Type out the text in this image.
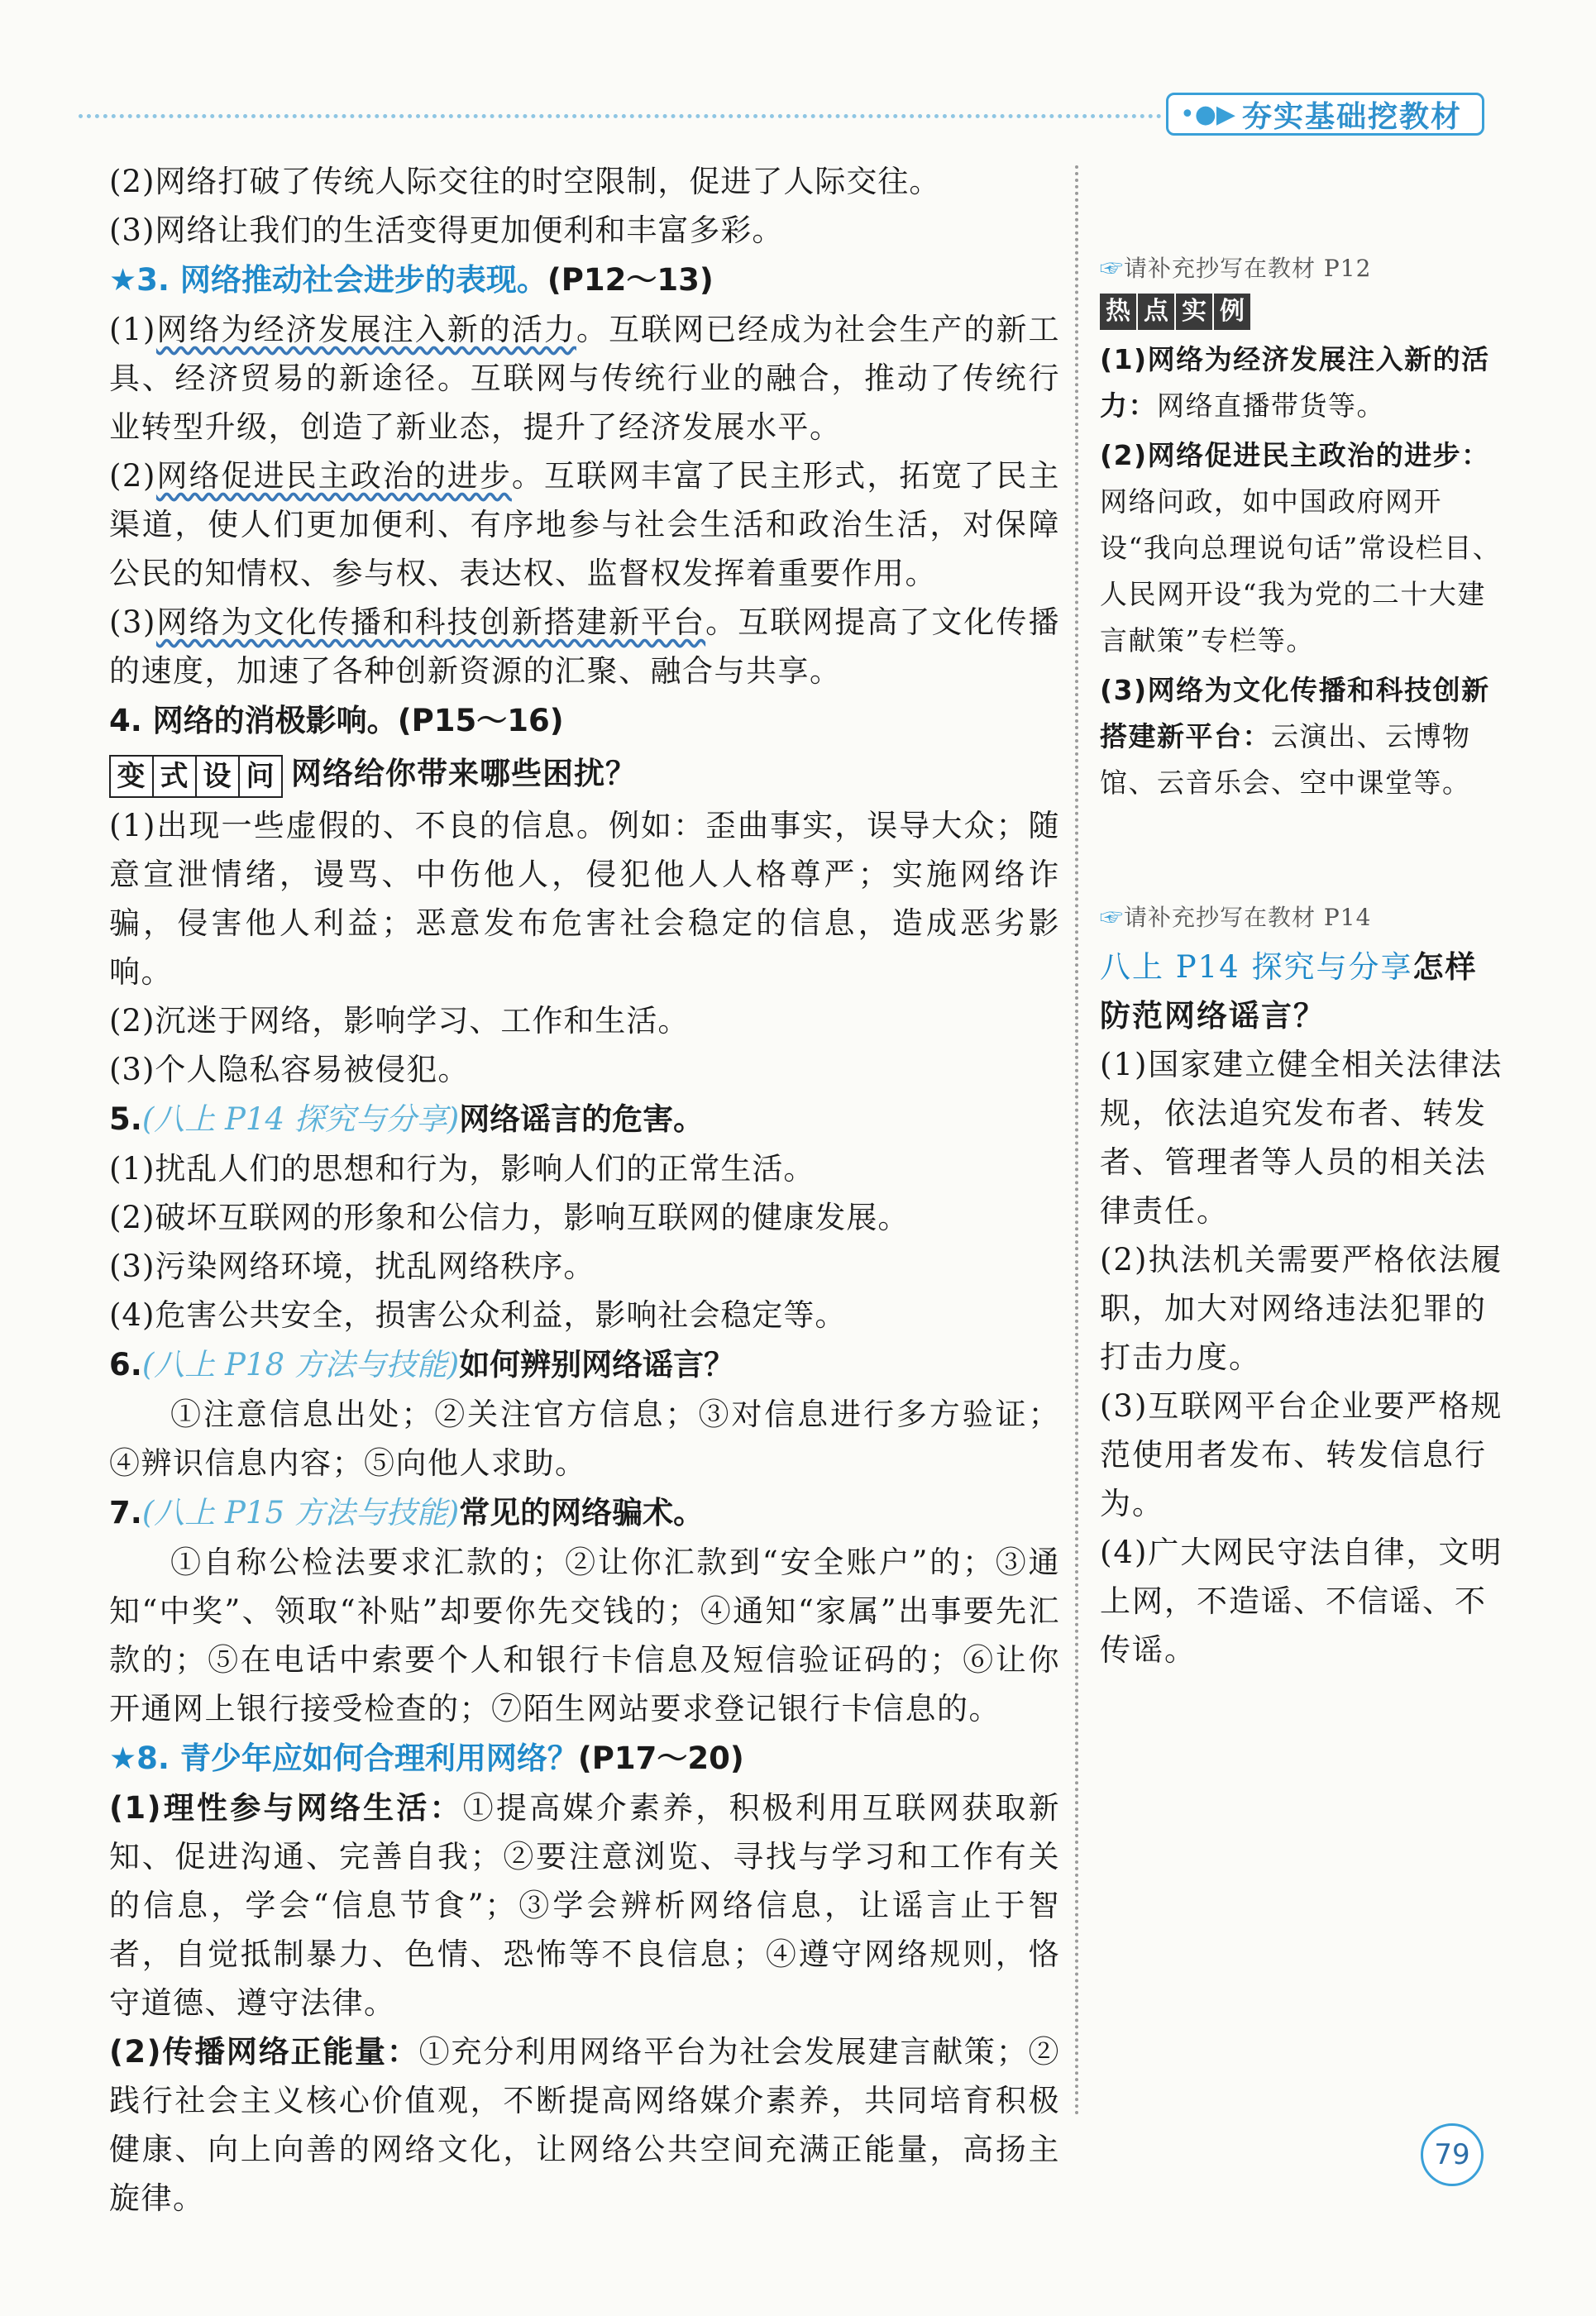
•●▶ 夯实基础挖教材
(2)网络打破了传统人际交往的时空限制，促进了人际交往。
(3)网络让我们的生活变得更加便利和丰富多彩。
★3. 网络推动社会进步的表现。(P12～13)
(1)网络为经济发展注入新的活力。互联网已经成为社会生产的新工具、经济贸易的新途径。互联网与传统行业的融合，推动了传统行业转型升级，创造了新业态，提升了经济发展水平。
(2)网络促进民主政治的进步。互联网丰富了民主形式，拓宽了民主渠道，使人们更加便利、有序地参与社会生活和政治生活，对保障公民的知情权、参与权、表达权、监督权发挥着重要作用。
(3)网络为文化传播和科技创新搭建新平台。互联网提高了文化传播的速度，加速了各种创新资源的汇聚、融合与共享。
4. 网络的消极影响。(P15～16)
变 式 设 问 网络给你带来哪些困扰？
(1)出现一些虚假的、不良的信息。例如：歪曲事实，误导大众；随意宣泄情绪，谩骂、中伤他人，侵犯他人人格尊严；实施网络诈骗，侵害他人利益；恶意发布危害社会稳定的信息，造成恶劣影响。
(2)沉迷于网络，影响学习、工作和生活。
(3)个人隐私容易被侵犯。
5.(八上 P14 探究与分享)网络谣言的危害。
(1)扰乱人们的思想和行为，影响人们的正常生活。
(2)破坏互联网的形象和公信力，影响互联网的健康发展。
(3)污染网络环境，扰乱网络秩序。
(4)危害公共安全，损害公众利益，影响社会稳定等。
6.(八上 P18 方法与技能)如何辨别网络谣言？
①注意信息出处；②关注官方信息；③对信息进行多方验证；④辨识信息内容；⑤向他人求助。
7.(八上 P15 方法与技能)常见的网络骗术。
①自称公检法要求汇款的；②让你汇款到“安全账户”的；③通知“中奖”、领取“补贴”却要你先交钱的；④通知“家属”出事要先汇款的；⑤在电话中索要个人和银行卡信息及短信验证码的；⑥让你开通网上银行接受检查的；⑦陌生网站要求登记银行卡信息的。
★8. 青少年应如何合理利用网络？(P17～20)
(1)理性参与网络生活：①提高媒介素养，积极利用互联网获取新知、促进沟通、完善自我；②要注意浏览、寻找与学习和工作有关的信息，学会“信息节食”；③学会辨析网络信息，让谣言止于智者，自觉抵制暴力、色情、恐怖等不良信息；④遵守网络规则，恪守道德、遵守法律。
(2)传播网络正能量：①充分利用网络平台为社会发展建言献策；②践行社会主义核心价值观，不断提高网络媒介素养，共同培育积极健康、向上向善的网络文化，让网络公共空间充满正能量，高扬主旋律。
☞请补充抄写在教材 P12
热 点 实 例
(1)网络为经济发展注入新的活力：网络直播带货等。
(2)网络促进民主政治的进步：网络问政，如中国政府网开设“我向总理说句话”常设栏目、人民网开设“我为党的二十大建言献策”专栏等。
(3)网络为文化传播和科技创新搭建新平台：云演出、云博物馆、云音乐会、空中课堂等。
☞请补充抄写在教材 P14
八上 P14 探究与分享怎样防范网络谣言？
(1)国家建立健全相关法律法规，依法追究发布者、转发者、管理者等人员的相关法律责任。
(2)执法机关需要严格依法履职，加大对网络违法犯罪的打击力度。
(3)互联网平台企业要严格规范使用者发布、转发信息行为。
(4)广大网民守法自律，文明上网，不造谣、不信谣、不传谣。
79
